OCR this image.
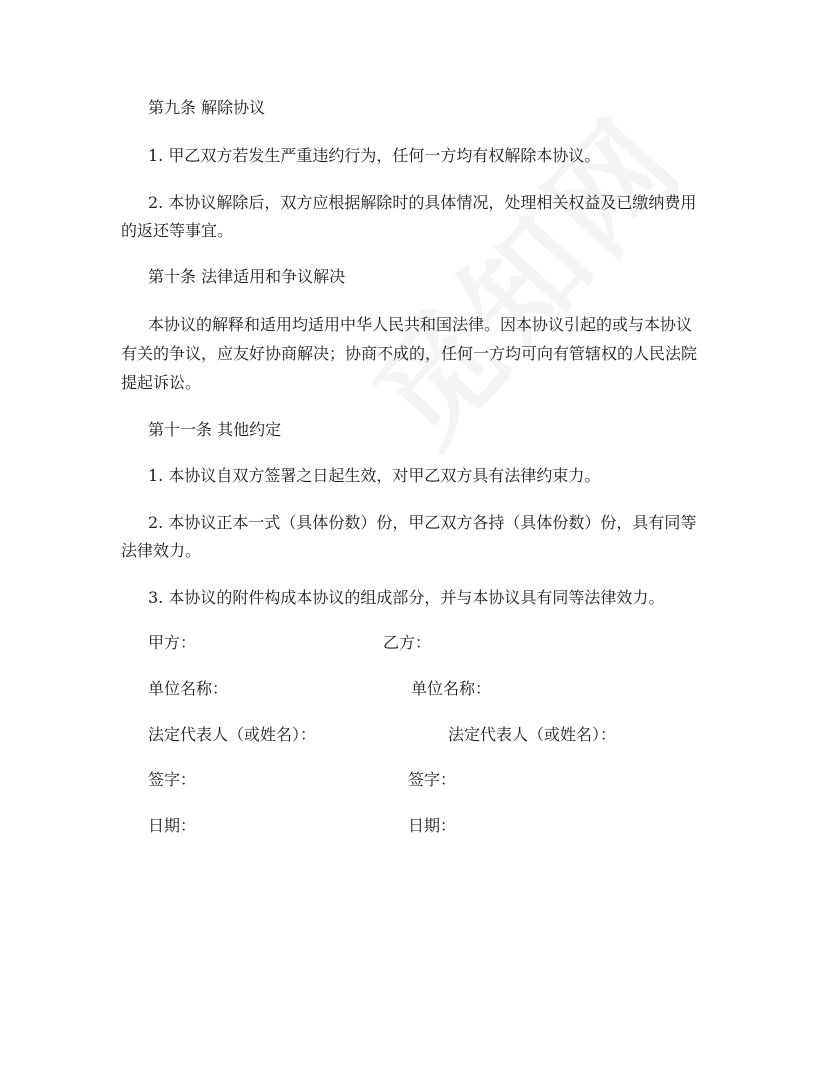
第九条 解除协议
1. 甲乙双方若发生严重违约行为，任何一方均有权解除本协议。
2. 本协议解除后，双方应根据解除时的具体情况，处理相关权益及已缴纳费用
的返还等事宜。
第十条 法律适用和争议解决
本协议的解释和适用均适用中华人民共和国法律。因本协议引起的或与本协议
有关的争议，应友好协商解决；协商不成的，任何一方均可向有管辖权的人民法院
提起诉讼。
第十一条 其他约定
1. 本协议自双方签署之日起生效，对甲乙双方具有法律约束力。
2. 本协议正本一式（具体份数）份，甲乙双方各持（具体份数）份，具有同等
法律效力。
3. 本协议的附件构成本协议的组成部分，并与本协议具有同等法律效力。
甲方：	乙方：
单位名称：	单位名称：
法定代表人（或姓名）：	法定代表人（或姓名）：
签字：	签字：
日期：	日期：
